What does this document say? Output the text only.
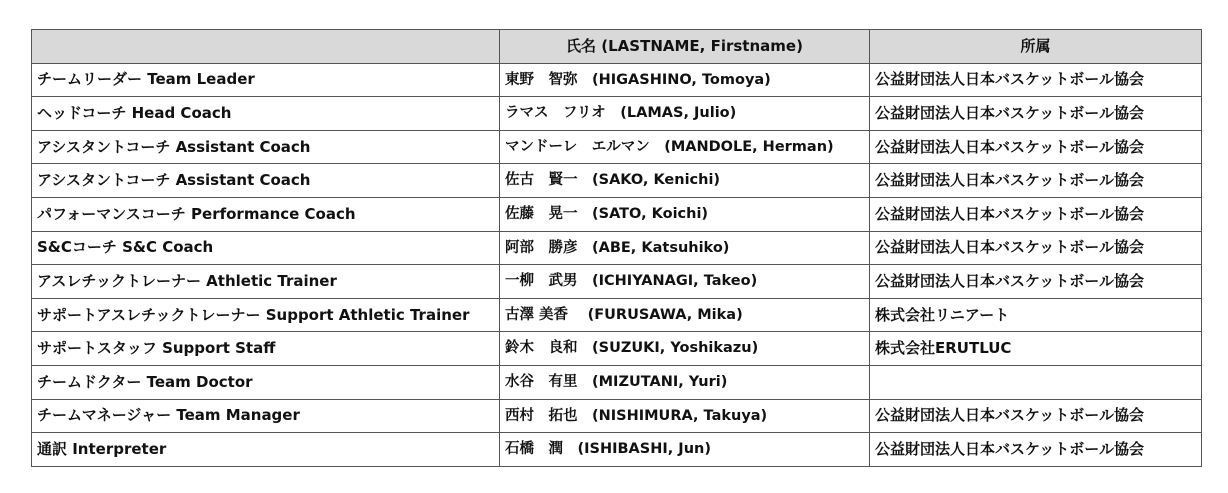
	氏名 (LASTNAME, Firstname)	所属
チームリーダー Team Leader	東野　智弥　(HIGASHINO, Tomoya)	公益財団法人日本バスケットボール協会
ヘッドコーチ Head Coach	ラマス　フリオ　(LAMAS, Julio)	公益財団法人日本バスケットボール協会
アシスタントコーチ Assistant Coach	マンドーレ　エルマン　(MANDOLE, Herman)	公益財団法人日本バスケットボール協会
アシスタントコーチ Assistant Coach	佐古　賢一　(SAKO, Kenichi)	公益財団法人日本バスケットボール協会
パフォーマンスコーチ Performance Coach	佐藤　晃一　(SATO, Koichi)	公益財団法人日本バスケットボール協会
S&Cコーチ S&C Coach	阿部　勝彦　(ABE, Katsuhiko)	公益財団法人日本バスケットボール協会
アスレチックトレーナー Athletic Trainer	一柳　武男　(ICHIYANAGI, Takeo)	公益財団法人日本バスケットボール協会
サポートアスレチックトレーナー Support Athletic Trainer	古澤 美香　 (FURUSAWA, Mika)	株式会社リニアート
サポートスタッフ Support Staff	鈴木　良和　(SUZUKI, Yoshikazu)	株式会社ERUTLUC
チームドクター Team Doctor	水谷　有里　(MIZUTANI, Yuri)	
チームマネージャー Team Manager	西村　拓也　(NISHIMURA, Takuya)	公益財団法人日本バスケットボール協会
通訳 Interpreter	石橋　潤　(ISHIBASHI, Jun)	公益財団法人日本バスケットボール協会
